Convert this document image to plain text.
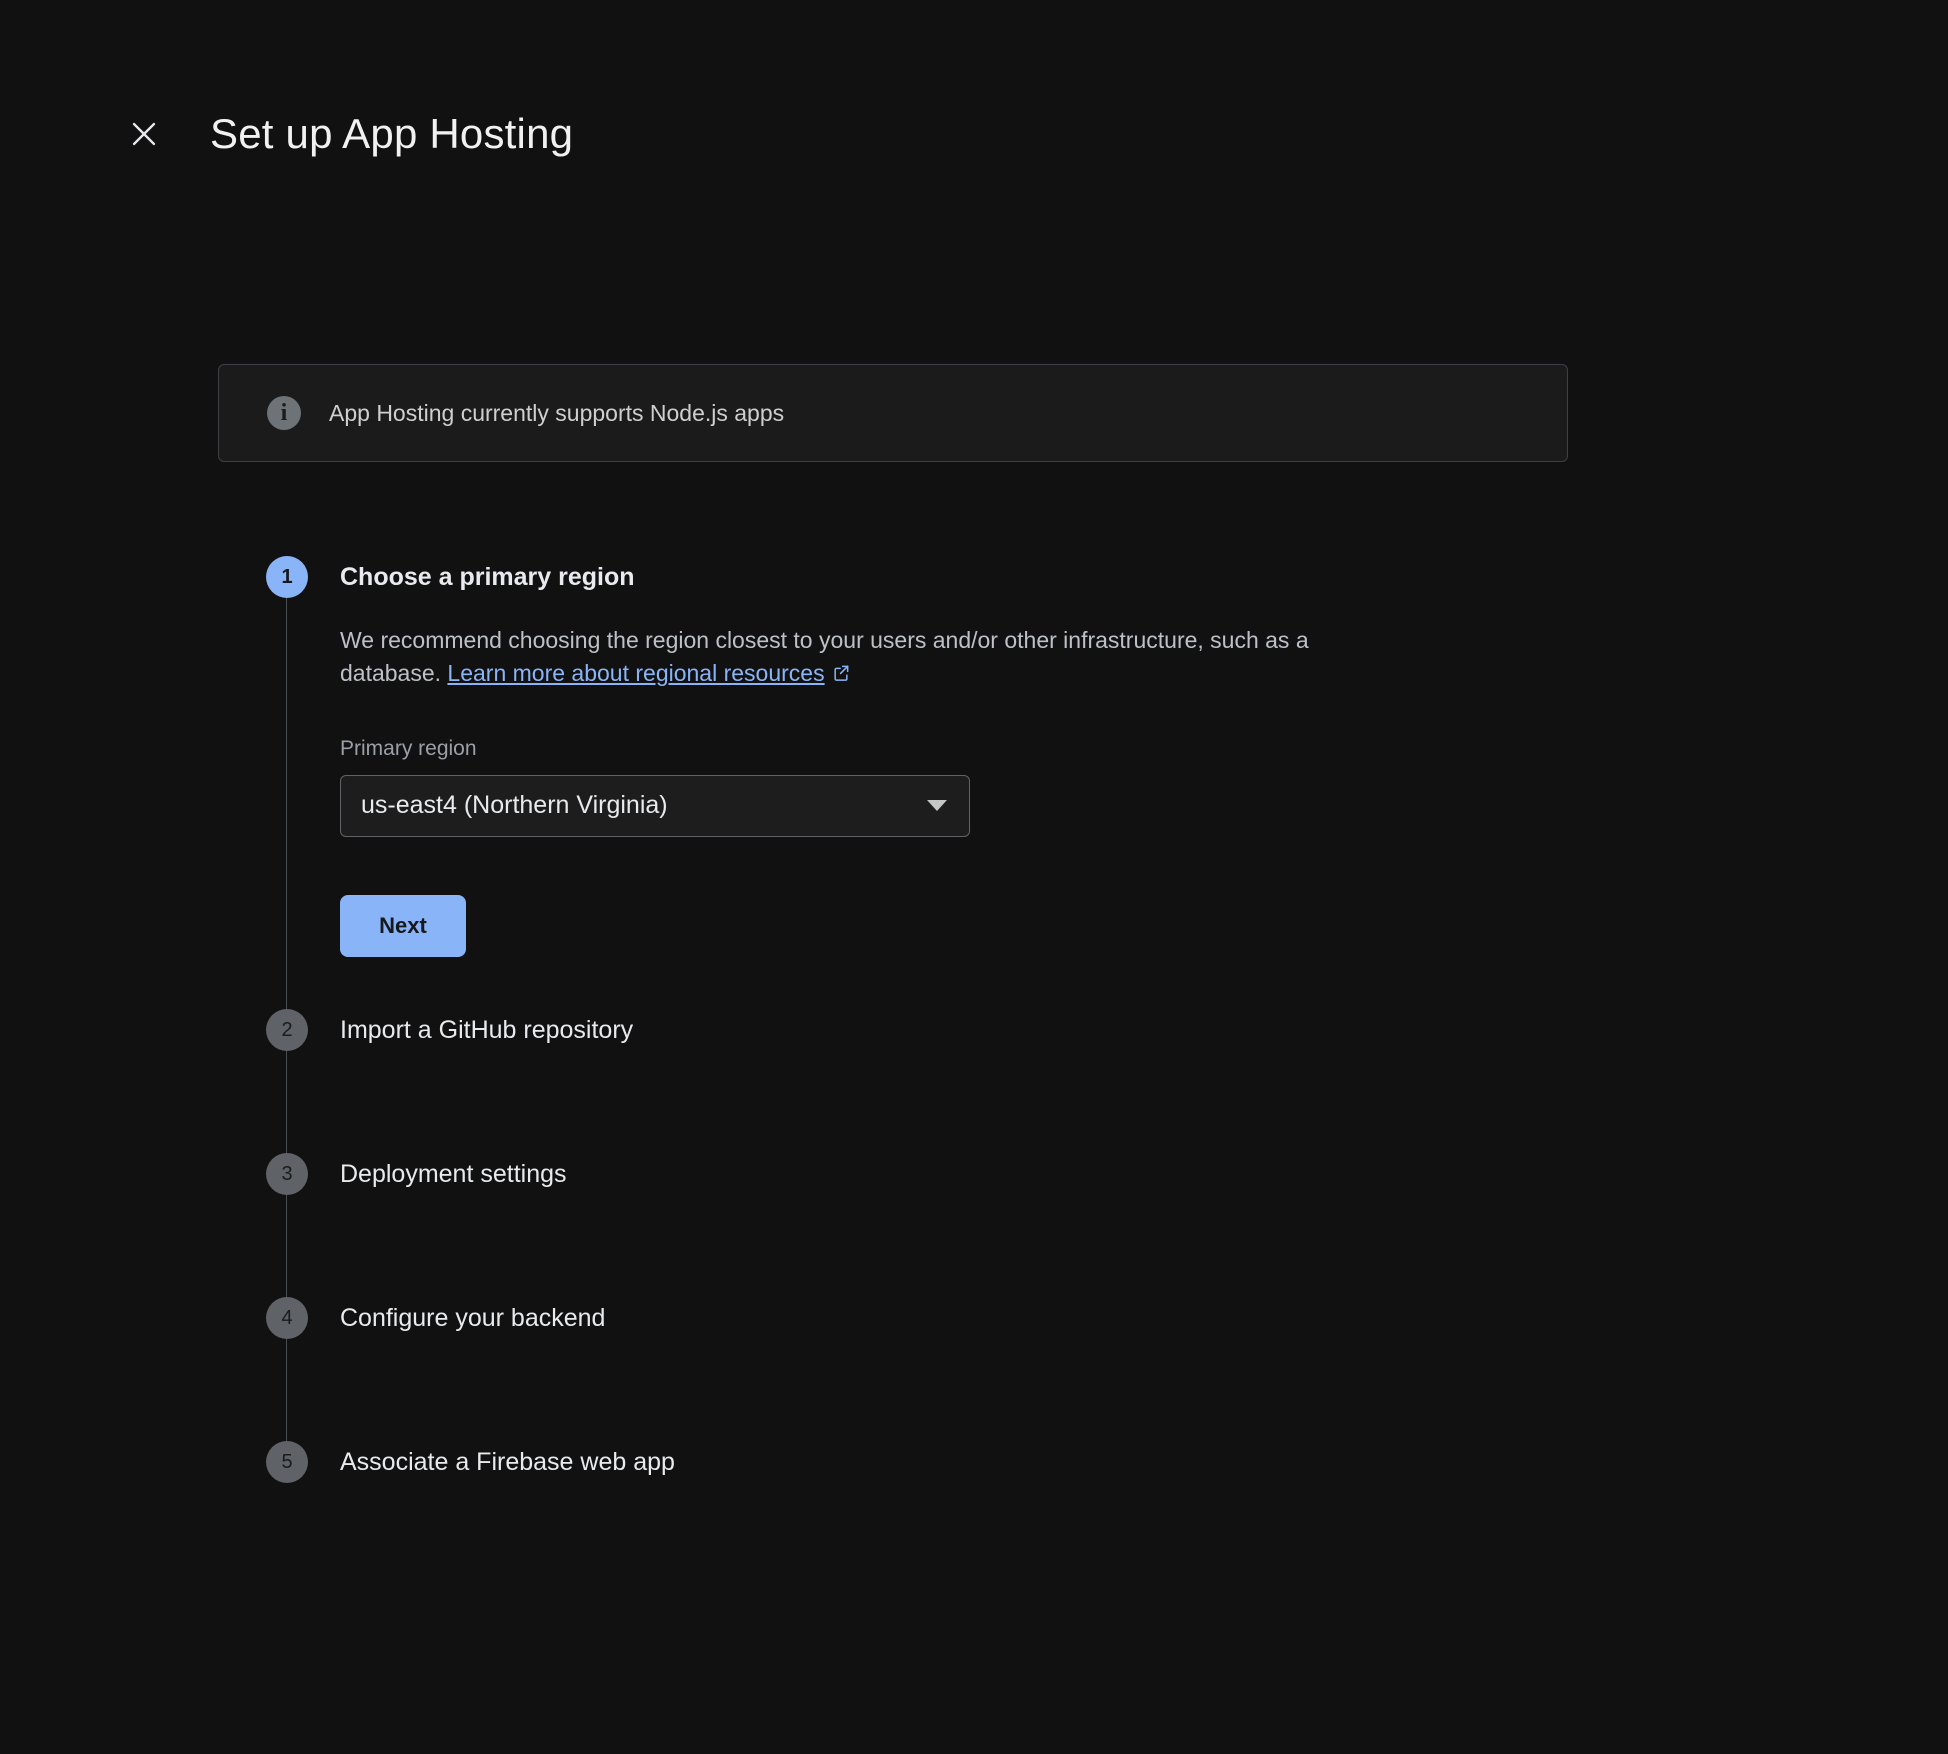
Set up App Hosting
i	App Hosting currently supports Node.js apps
1	Choose a primary region

We recommend choosing the region closest to your users and/or other infrastructure, such as a database. Learn more about regional resources

Primary region
us-east4 (Northern Virginia)
Next
2	Import a GitHub repository
3	Deployment settings
4	Configure your backend
5	Associate a Firebase web app
